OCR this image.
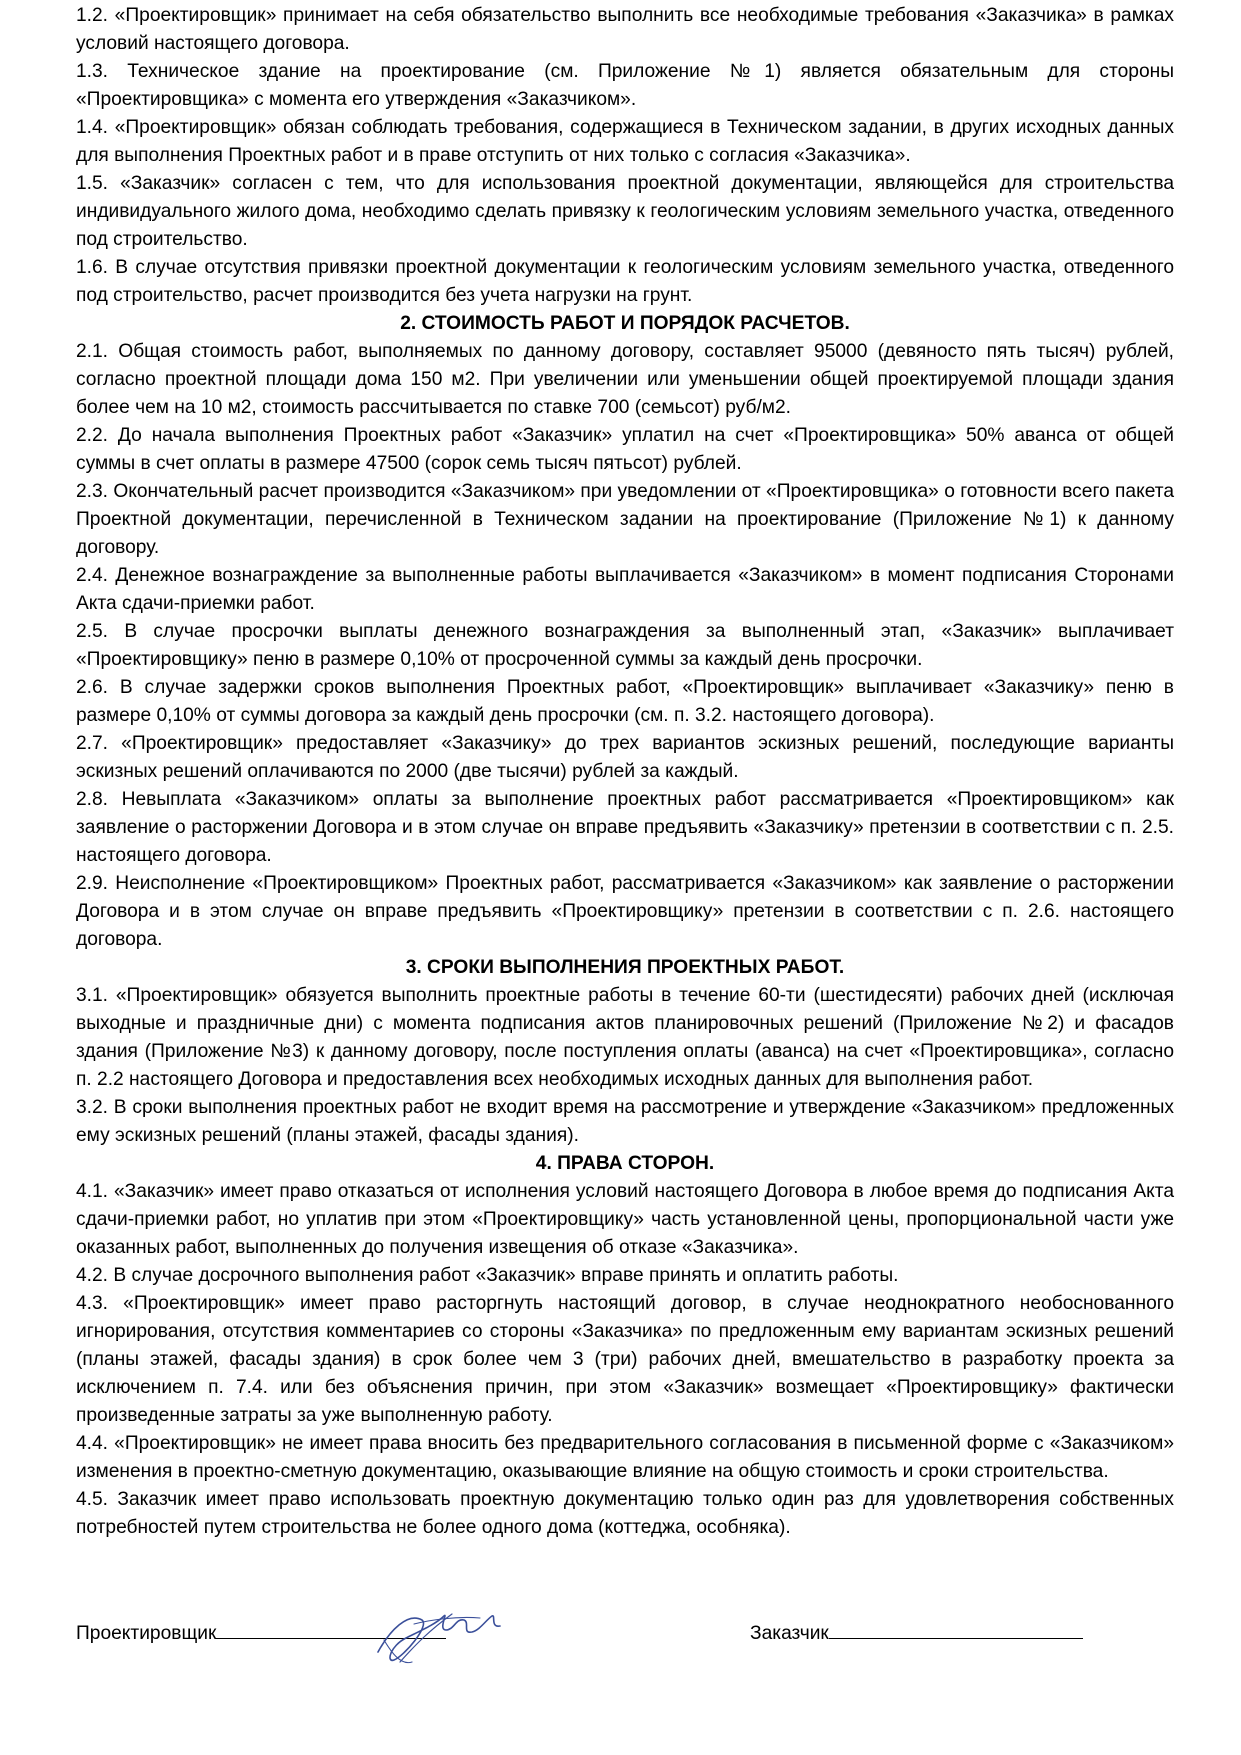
1.2. «Проектировщик» принимает на себя обязательство выполнить все необходимые требования «Заказчика» в рамках условий настоящего договора.

1.3. Техническое здание на проектирование (см. Приложение №1) является обязательным для стороны «Проектировщика» с момента его утверждения «Заказчиком».

1.4. «Проектировщик» обязан соблюдать требования, содержащиеся в Техническом задании, в других исходных данных для выполнения Проектных работ и в праве отступить от них только с согласия «Заказчика».

1.5. «Заказчик» согласен с тем, что для использования проектной документации, являющейся для строительства индивидуального жилого дома, необходимо сделать привязку к геологическим условиям земельного участка, отведенного под строительство.

1.6. В случае отсутствия привязки проектной документации к геологическим условиям земельного участка, отведенного под строительство, расчет производится без учета нагрузки на грунт.

2. СТОИМОСТЬ РАБОТ И ПОРЯДОК РАСЧЕТОВ.

2.1. Общая стоимость работ, выполняемых по данному договору, составляет 95000 (девяносто пять тысяч) рублей, согласно проектной площади дома 150 м2. При увеличении или уменьшении общей проектируемой площади здания более чем на 10 м2, стоимость рассчитывается по ставке 700 (семьсот) руб/м2.

2.2. До начала выполнения Проектных работ «Заказчик» уплатил на счет «Проектировщика» 50% аванса от общей суммы в счет оплаты в размере 47500 (сорок семь тысяч пятьсот) рублей.

2.3. Окончательный расчет производится «Заказчиком» при уведомлении от «Проектировщика» о готовности всего пакета Проектной документации, перечисленной в Техническом задании на проектирование (Приложение №1) к данному договору.

2.4. Денежное вознаграждение за выполненные работы выплачивается «Заказчиком» в момент подписания Сторонами Акта сдачи-приемки работ.

2.5. В случае просрочки выплаты денежного вознаграждения за выполненный этап, «Заказчик» выплачивает «Проектировщику» пеню в размере 0,10% от просроченной суммы за каждый день просрочки.

2.6. В случае задержки сроков выполнения Проектных работ, «Проектировщик» выплачивает «Заказчику» пеню в размере 0,10% от суммы договора за каждый день просрочки (см. п. 3.2. настоящего договора).

2.7. «Проектировщик» предоставляет «Заказчику» до трех вариантов эскизных решений, последующие варианты эскизных решений оплачиваются по 2000 (две тысячи) рублей за каждый.

2.8. Невыплата «Заказчиком» оплаты за выполнение проектных работ рассматривается «Проектировщиком» как заявление о расторжении Договора и в этом случае он вправе предъявить «Заказчику» претензии в соответствии с п. 2.5. настоящего договора.

2.9. Неисполнение «Проектировщиком» Проектных работ, рассматривается «Заказчиком» как заявление о расторжении Договора и в этом случае он вправе предъявить «Проектировщику» претензии в соответствии с п. 2.6. настоящего договора.

3. СРОКИ ВЫПОЛНЕНИЯ ПРОЕКТНЫХ РАБОТ.

3.1. «Проектировщик» обязуется выполнить проектные работы в течение 60-ти (шестидесяти) рабочих дней (исключая выходные и праздничные дни) с момента подписания актов планировочных решений (Приложение №2) и фасадов здания (Приложение №3) к данному договору, после поступления оплаты (аванса) на счет «Проектировщика», согласно п. 2.2 настоящего Договора и предоставления всех необходимых исходных данных для выполнения работ.

3.2. В сроки выполнения проектных работ не входит время на рассмотрение и утверждение «Заказчиком» предложенных ему эскизных решений (планы этажей, фасады здания).

4. ПРАВА СТОРОН.

4.1. «Заказчик» имеет право отказаться от исполнения условий настоящего Договора в любое время до подписания Акта сдачи-приемки работ, но уплатив при этом «Проектировщику» часть установленной цены, пропорциональной части уже оказанных работ, выполненных до получения извещения об отказе «Заказчика».

4.2. В случае досрочного выполнения работ «Заказчик» вправе принять и оплатить работы.

4.3. «Проектировщик» имеет право расторгнуть настоящий договор, в случае неоднократного необоснованного игнорирования, отсутствия комментариев со стороны «Заказчика» по предложенным ему вариантам эскизных решений (планы этажей, фасады здания) в срок более чем 3 (три) рабочих дней, вмешательство в разработку проекта за исключением п. 7.4. или без объяснения причин, при этом «Заказчик» возмещает «Проектировщику» фактически произведенные затраты за уже выполненную работу.

4.4. «Проектировщик» не имеет права вносить без предварительного согласования в письменной форме с «Заказчиком» изменения в проектно-сметную документацию, оказывающие влияние на общую стоимость и сроки строительства.

4.5. Заказчик имеет право использовать проектную документацию только один раз для удовлетворения собственных потребностей путем строительства не более одного дома (коттеджа, особняка).

Проектировщик	Заказчик
